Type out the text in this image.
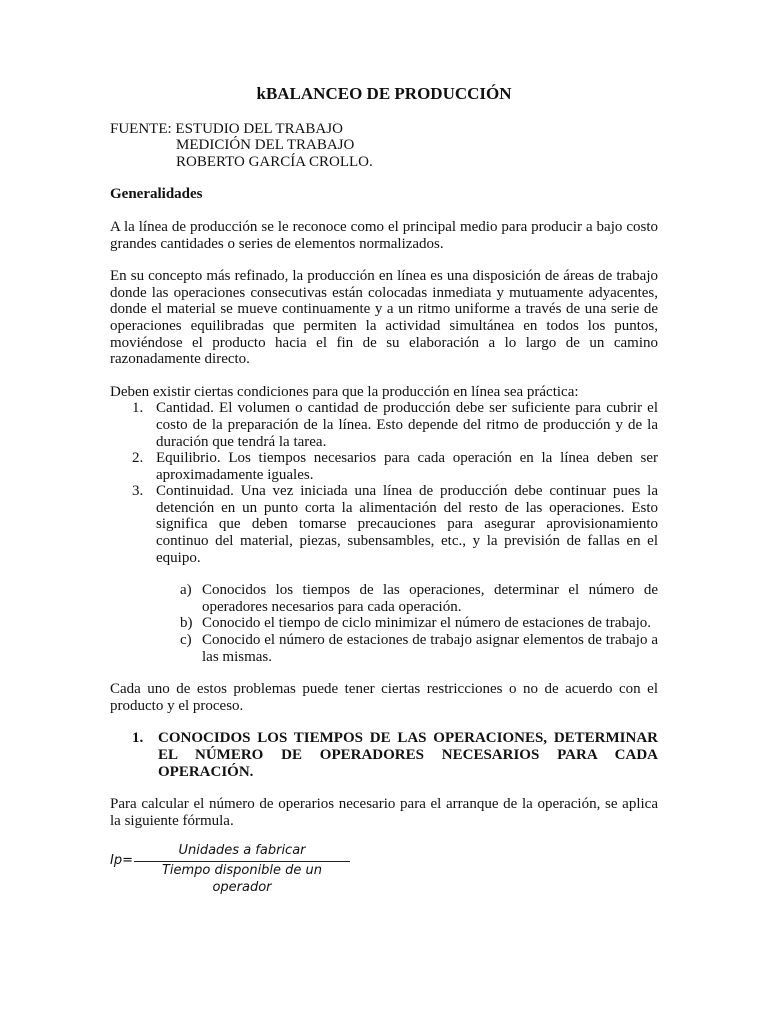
kBALANCEO DE PRODUCCIÓN

FUENTE: ESTUDIO DEL TRABAJO

MEDICIÓN DEL TRABAJO

ROBERTO GARCÍA CROLLO.

Generalidades

A la línea de producción se le reconoce como el principal medio para producir a bajo costo grandes cantidades o series de elementos normalizados.

En su concepto más refinado, la producción en línea es una disposición de áreas de trabajo donde las operaciones consecutivas están colocadas inmediata y mutuamente adyacentes, donde el material se mueve continuamente y a un ritmo uniforme a través de una serie de operaciones equilibradas que permiten la actividad simultánea en todos los puntos, moviéndose el producto hacia el fin de su elaboración a lo largo de un camino razonadamente directo.

Deben existir ciertas condiciones para que la producción en línea sea práctica:

1. Cantidad. El volumen o cantidad de producción debe ser suficiente para cubrir el costo de la preparación de la línea. Esto depende del ritmo de producción y de la duración que tendrá la tarea.
2. Equilibrio. Los tiempos necesarios para cada operación en la línea deben ser aproximadamente iguales.
3. Continuidad. Una vez iniciada una línea de producción debe continuar pues la detención en un punto corta la alimentación del resto de las operaciones. Esto significa que deben tomarse precauciones para asegurar aprovisionamiento continuo del material, piezas, subensambles, etc., y la previsión de fallas en el equipo.
a) Conocidos los tiempos de las operaciones, determinar el número de operadores necesarios para cada operación.
b) Conocido el tiempo de ciclo minimizar el número de estaciones de trabajo.
c) Conocido el número de estaciones de trabajo asignar elementos de trabajo a las mismas.

Cada uno de estos problemas puede tener ciertas restricciones o no de acuerdo con el producto y el proceso.

1. CONOCIDOS LOS TIEMPOS DE LAS OPERACIONES, DETERMINAR EL NÚMERO DE OPERADORES NECESARIOS PARA CADA OPERACIÓN.

Para calcular el número de operarios necesario para el arranque de la operación, se aplica la siguiente fórmula.

Ip=
Unidades a fabricar
Tiempo disponible de un operador
